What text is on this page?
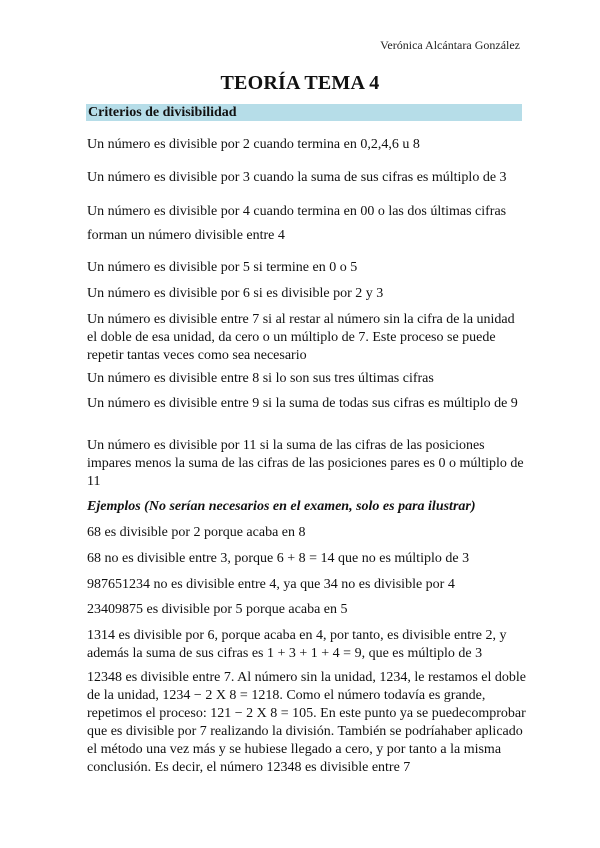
Verónica Alcántara González
TEORÍA TEMA 4
Criterios de divisibilidad

Un número es divisible por 2 cuando termina en 0,2,4,6 u 8

Un número es divisible por 3 cuando la suma de sus cifras es múltiplo de 3

Un número es divisible por 4 cuando termina en 00 o las dos últimas cifras

forman un número divisible entre 4

Un número es divisible por 5 si termine en 0 o 5

Un número es divisible por 6 si es divisible por 2 y 3

Un número es divisible entre 7 si al restar al número sin la cifra de la unidad el doble de esa unidad, da cero o un múltiplo de 7. Este proceso se puede repetir tantas veces como sea necesario

Un número es divisible entre 8 si lo son sus tres últimas cifras

Un número es divisible entre 9 si la suma de todas sus cifras es múltiplo de 9

Un número es divisible por 11 si la suma de las cifras de las posiciones impares menos la suma de las cifras de las posiciones pares es 0 o múltiplo de 11

Ejemplos (No serían necesarios en el examen, solo es para ilustrar)

68 es divisible por 2 porque acaba en 8

68 no es divisible entre 3, porque 6 + 8 = 14 que no es múltiplo de 3

987651234 no es divisible entre 4, ya que 34 no es divisible por 4

23409875 es divisible por 5 porque acaba en 5

1314 es divisible por 6, porque acaba en 4, por tanto, es divisible entre 2, y además la suma de sus cifras es 1 + 3 + 1 + 4 = 9, que es múltiplo de 3

12348 es divisible entre 7. Al número sin la unidad, 1234, le restamos el doble de la unidad, 1234 − 2 X 8 = 1218. Como el número todavía es grande, repetimos el proceso: 121 − 2 X 8 = 105. En este punto ya se puedecomprobar que es divisible por 7 realizando la división. También se podríahaber aplicado el método una vez más y se hubiese llegado a cero, y por tanto a la misma conclusión. Es decir, el número 12348 es divisible entre 7
